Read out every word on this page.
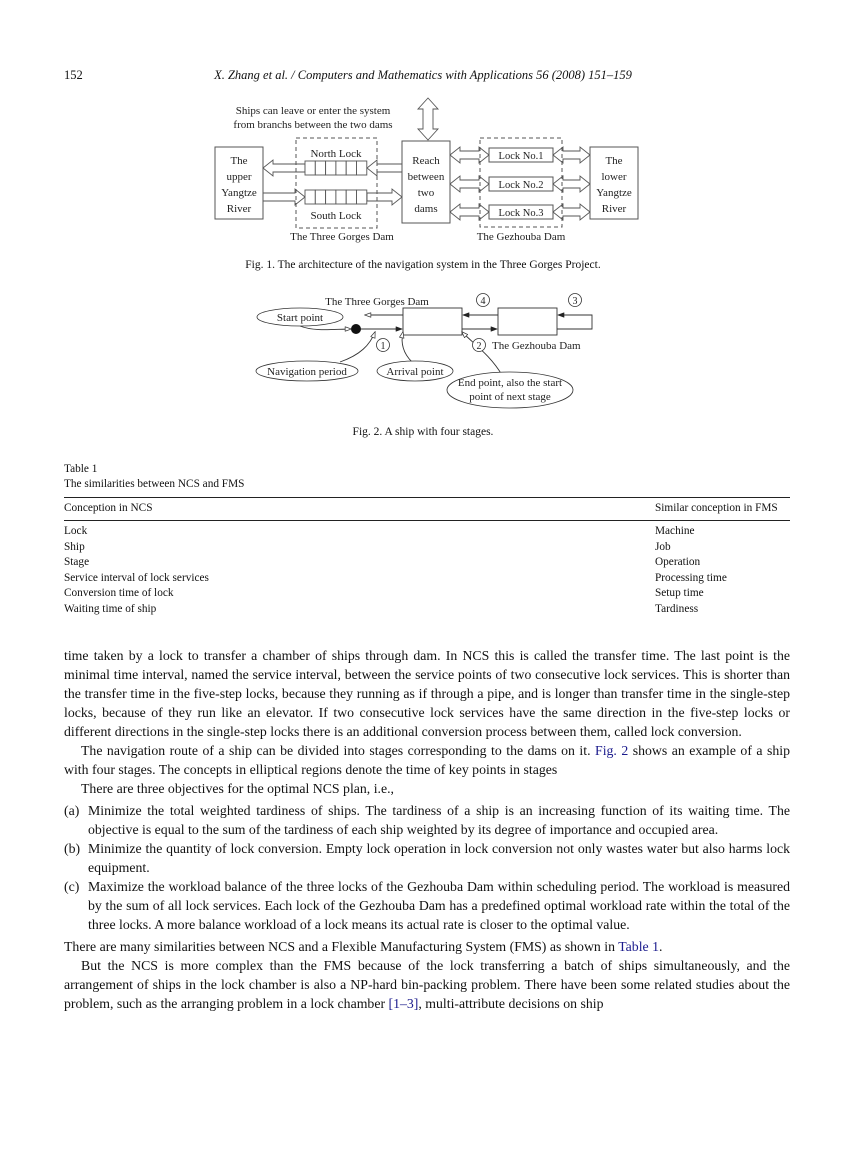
152	X. Zhang et al. / Computers and Mathematics with Applications 56 (2008) 151–159
Ships can leave or enter the system
from branchs between the two dams
The
upper
Yangtze
River
North Lock
South Lock
The Three Gorges Dam
Reach
between
two
dams
Lock No.1
Lock No.2
Lock No.3
The Gezhouba Dam
The
lower
Yangtze
River
Fig. 1. The architecture of the navigation system in the Three Gorges Project.
The Three Gorges Dam
The Gezhouba Dam
1	2
3
4
Start point
Navigation period	Arrival point
End point, also the start
point of next stage
Fig. 2. A ship with four stages.
Table 1
The similarities between NCS and FMS
Conception in NCS	Similar conception in FMS
Lock	Machine
Ship	Job
Stage	Operation
Service interval of lock services	Processing time
Conversion time of lock	Setup time
Waiting time of ship	Tardiness

time taken by a lock to transfer a chamber of ships through dam. In NCS this is called the transfer time. The last point is the minimal time interval, named the service interval, between the service points of two consecutive lock services. This is shorter than the transfer time in the five-step locks, because they running as if through a pipe, and is longer than transfer time in the single-step locks, because of they run like an elevator. If two consecutive lock services have the same direction in the five-step locks or different directions in the single-step locks there is an additional conversion process between them, called lock conversion.

The navigation route of a ship can be divided into stages corresponding to the dams on it. Fig. 2 shows an example of a ship with four stages. The concepts in elliptical regions denote the time of key points in stages

There are three objectives for the optimal NCS plan, i.e.,

(a) Minimize the total weighted tardiness of ships. The tardiness of a ship is an increasing function of its waiting time. The objective is equal to the sum of the tardiness of each ship weighted by its degree of importance and occupied area.
(b) Minimize the quantity of lock conversion. Empty lock operation in lock conversion not only wastes water but also harms lock equipment.
(c) Maximize the workload balance of the three locks of the Gezhouba Dam within scheduling period. The workload is measured by the sum of all lock services. Each lock of the Gezhouba Dam has a predefined optimal workload rate within the total of the three locks. A more balance workload of a lock means its actual rate is closer to the optimal value.

There are many similarities between NCS and a Flexible Manufacturing System (FMS) as shown in Table 1.

But the NCS is more complex than the FMS because of the lock transferring a batch of ships simultaneously, and the arrangement of ships in the lock chamber is also a NP-hard bin-packing problem. There have been some related studies about the problem, such as the arranging problem in a lock chamber [1–3], multi-attribute decisions on ship
